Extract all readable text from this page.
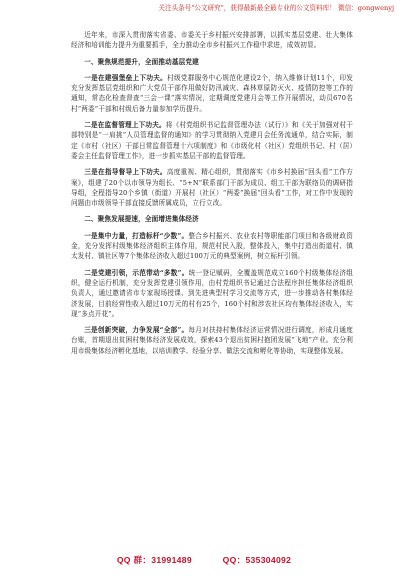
关注头条号"公文研究"，获得最新最全最专业的公文资料库！ 微信：gongwenyj

近年来，市深入贯彻落实省委、市委关于乡村振兴安排部署，以抓实基层党建、壮大集体经济和培训能力提升为重要抓手，全力推动全市乡村振兴工作稳中求进，成效初显。

一、聚焦规范提升，全面推动基层党建

一是在建强堡垒上下功夫。村级党群服务中心规范化建设2个，纳入维修计划11个，印发充分发挥基层党组织和广大党员干部作用做好防汛减灾、森林草原防灭火、疫情防控等工作的通知，常态化检查督查“三会一课”落实情况，定期调度党建月会等工作开展情况，动员670名村“两委”干部和村级后备力量参加学历提升。

二是在监督管理上下功夫。将《村党组织书记监督管理办法（试行）》和《关于加强对村干部特别是“一肩挑”人员管理监督的通知》的学习贯彻纳入党建月会任务流通单，结合实际，制定《市村（社区）干部日常监督管理十六项制度》和《市级化村（社区）党组织书记、村（居）委会主任监督管理工作》，进一步抓实基层干部的监督管理。

三是在指导督导上下功夫。高度重视、精心组织，贯彻落实《市乡村换届“回头看”工作方案》，组建了20个以市领导为组长、“5+N”联系部门干部为成员、组工干部为联络员的调研指导组，全程指导20个乡镇（街道）开展村（社区）“两委”换届“回头看”工作，对工作中发现的问题由市级领导干部直接反馈所属成员，立行立改。

二、聚焦发展提速，全面增进集体经济

一是集中力量，打造标杆“少数”。整合乡村振兴、农业农村等职能部门项目和各级财政资金，充分发挥村级集体经济组织主体作用，规范村民入股，整体投入，集中打造出街道村、镇太发村、镇社区等7个集体经济收入超过100万元的典型案例，树立标杆引领。

二是党建引领，示范带动“多数”。统一登记赋码，全覆盖规范成立160个村级集体经济组织，健全运行机制，充分发挥党建引领作用，由村党组织书记通过合法程序担任集体经济组织负责人，通过邀请省市专家现场授课、到先进典型村学习交流等方式，进一步推动各村集体经济发展，目前经营性收入超过10万元的村有25个，160个村和涉农社区均有集体经济收入，实现“多点开花”。

三是创新突破，力争发展“全部”。每月对扶持村集体经济运营情况进行调度，形成月通度台账，首期退出贫困村集体经济发展成效，探索43个退出贫困村抱团发展“飞地”产业。充分利用市级集体经济孵化基地，以培训教学、经验分享、做法交流和孵化等协助，实现整体发展。

QQ 群：31991489	QQ：535304092
